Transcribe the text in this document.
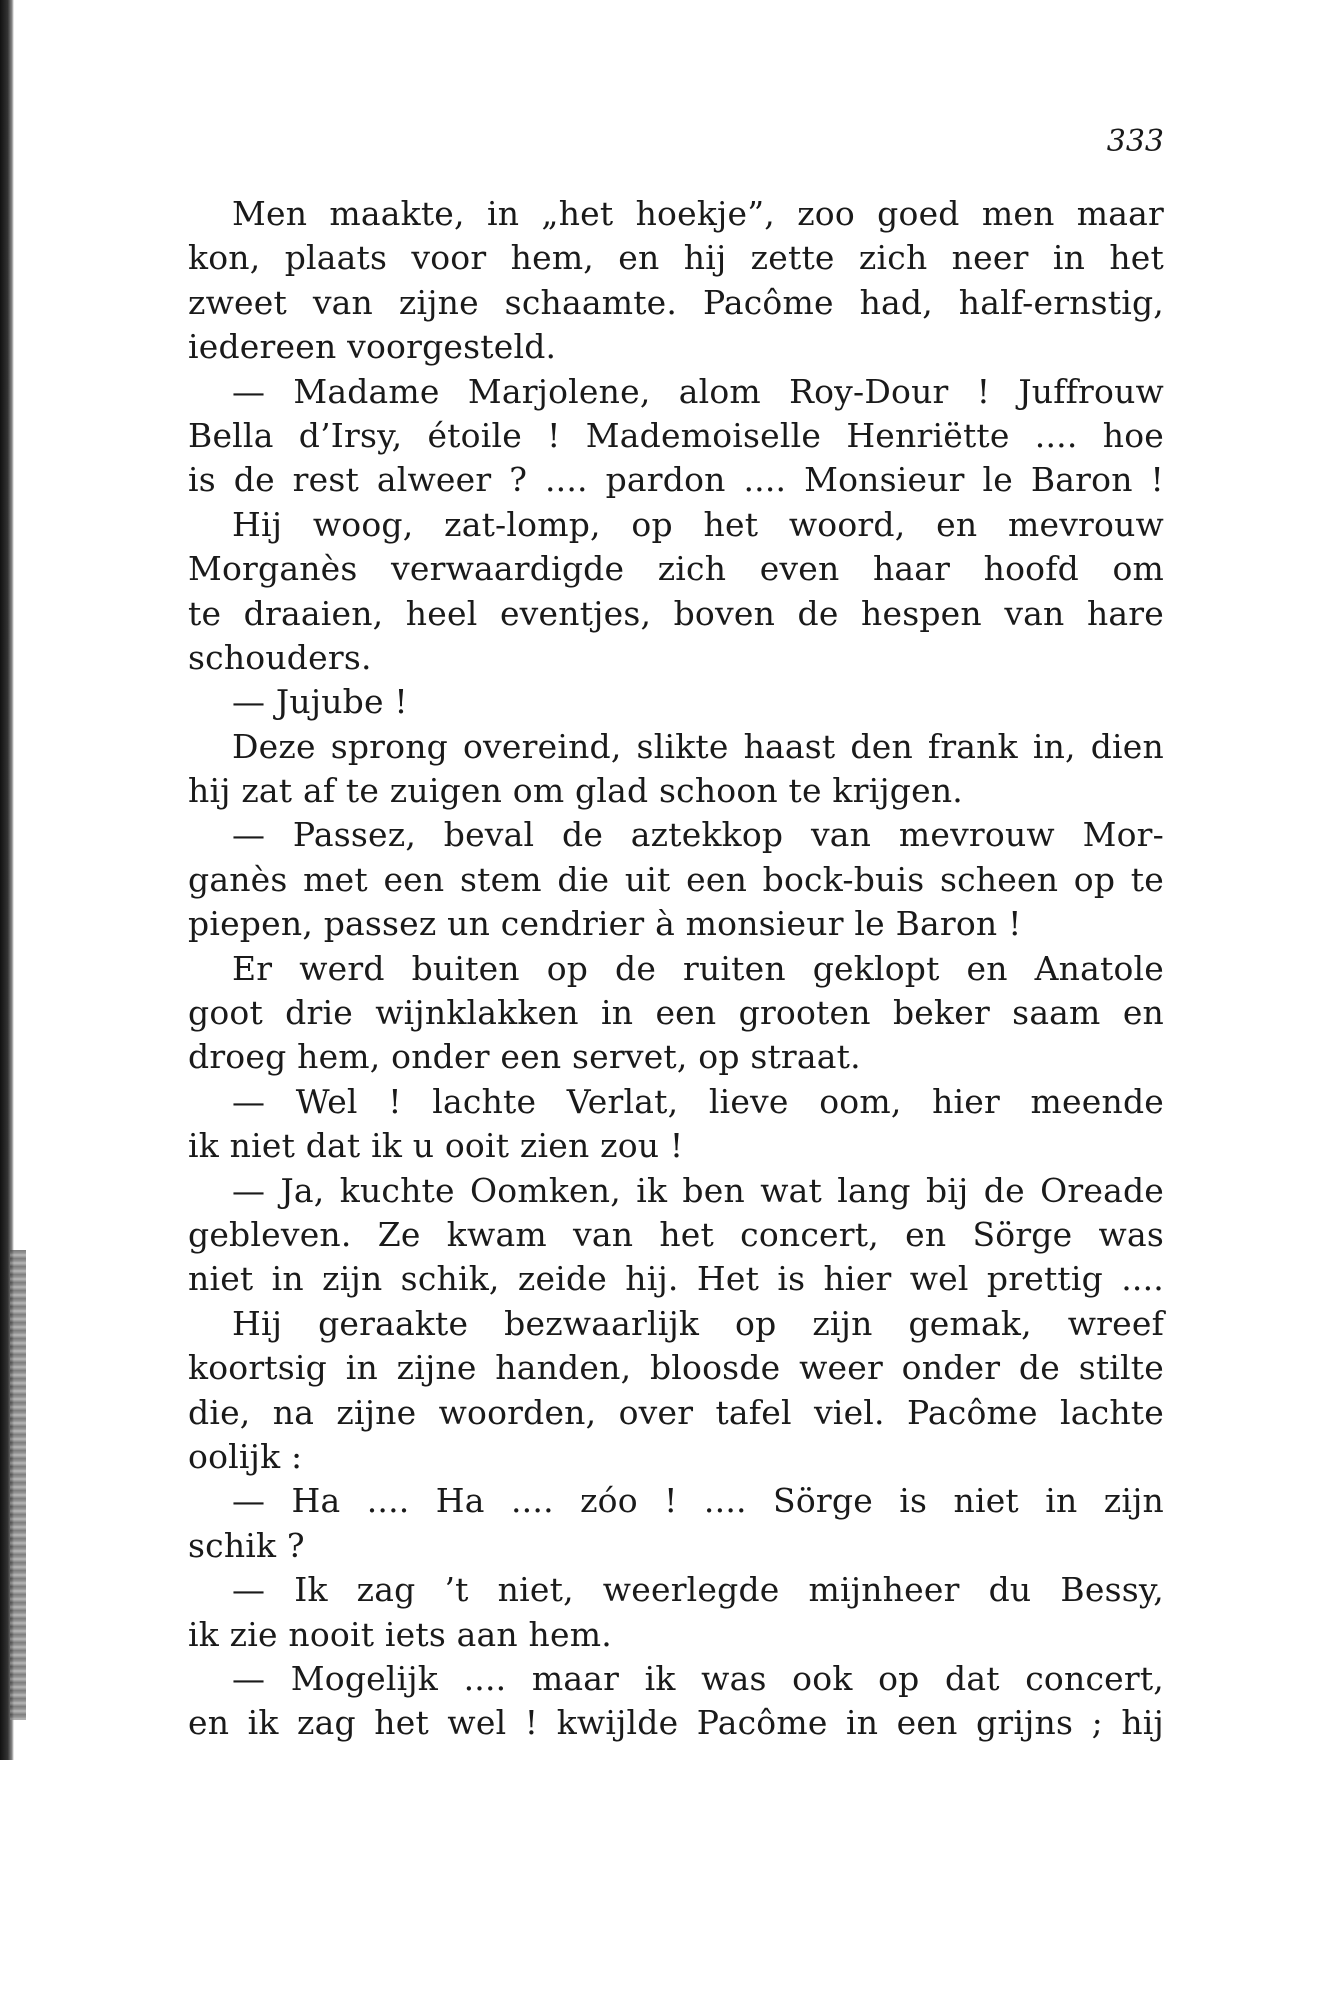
333
Men maakte, in „het hoekje”, zoo goed men maar
kon, plaats voor hem, en hij zette zich neer in het
zweet van zijne schaamte. Pacôme had, half-ernstig,
iedereen voorgesteld.
— Madame Marjolene, alom Roy-Dour ! Juffrouw
Bella d’Irsy, étoile ! Mademoiselle Henriëtte .... hoe
is de rest alweer ? .... pardon .... Monsieur le Baron !
Hij woog, zat-lomp, op het woord, en mevrouw
Morganès verwaardigde zich even haar hoofd om
te draaien, heel eventjes, boven de hespen van hare
schouders.
— Jujube !
Deze sprong overeind, slikte haast den frank in, dien
hij zat af te zuigen om glad schoon te krijgen.
— Passez, beval de aztekkop van mevrouw Mor-
ganès met een stem die uit een bock-buis scheen op te
piepen, passez un cendrier à monsieur le Baron !
Er werd buiten op de ruiten geklopt en Anatole
goot drie wijnklakken in een grooten beker saam en
droeg hem, onder een servet, op straat.
— Wel ! lachte Verlat, lieve oom, hier meende
ik niet dat ik u ooit zien zou !
— Ja, kuchte Oomken, ik ben wat lang bij de Oreade
gebleven. Ze kwam van het concert, en Sörge was
niet in zijn schik, zeide hij. Het is hier wel prettig ....
Hij geraakte bezwaarlijk op zijn gemak, wreef
koortsig in zijne handen, bloosde weer onder de stilte
die, na zijne woorden, over tafel viel. Pacôme lachte
oolijk :
— Ha .... Ha .... zóo ! .... Sörge is niet in zijn
schik ?
— Ik zag ’t niet, weerlegde mijnheer du Bessy,
ik zie nooit iets aan hem.
— Mogelijk .... maar ik was ook op dat concert,
en ik zag het wel ! kwijlde Pacôme in een grijns ; hij
